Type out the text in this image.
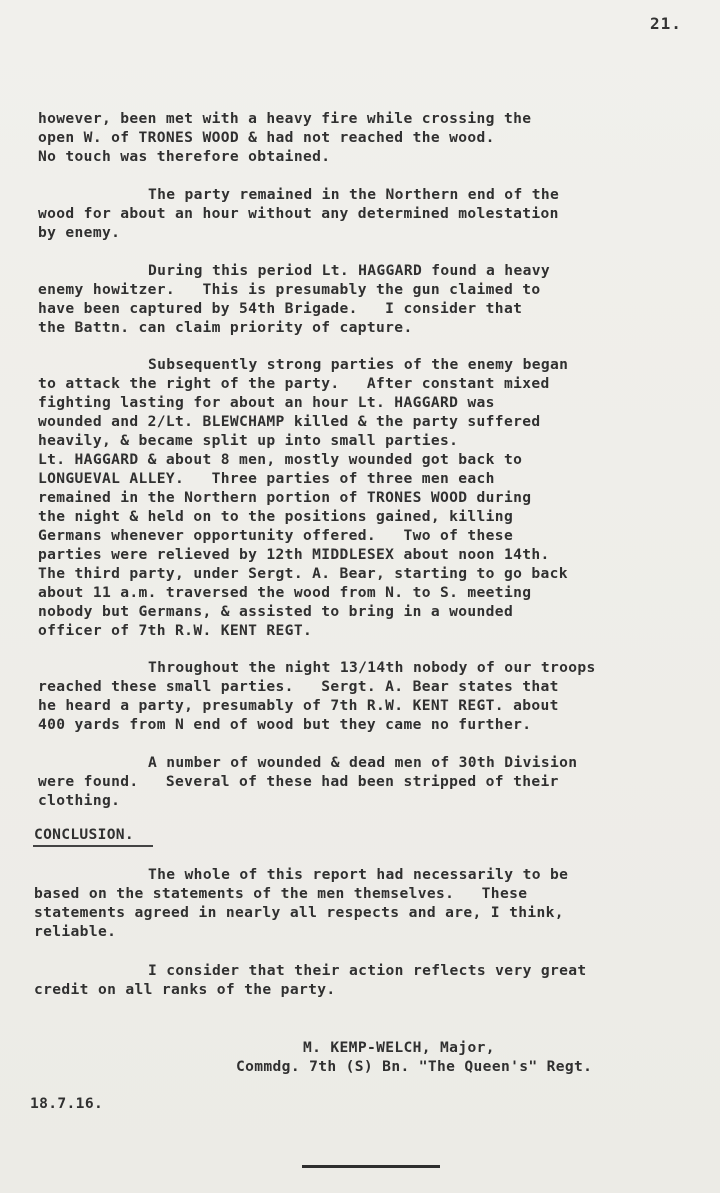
21.
however, been met with a heavy fire while crossing the
open W. of TRONES WOOD & had not reached the wood.
No touch was therefore obtained.
The party remained in the Northern end of the
wood for about an hour without any determined molestation
by enemy.
During this period Lt. HAGGARD found a heavy
enemy howitzer.   This is presumably the gun claimed to
have been captured by 54th Brigade.   I consider that
the Battn. can claim priority of capture.
Subsequently strong parties of the enemy began
to attack the right of the party.   After constant mixed
fighting lasting for about an hour Lt. HAGGARD was
wounded and 2/Lt. BLEWCHAMP killed & the party suffered
heavily, & became split up into small parties.
Lt. HAGGARD & about 8 men, mostly wounded got back to
LONGUEVAL ALLEY.   Three parties of three men each
remained in the Northern portion of TRONES WOOD during
the night & held on to the positions gained, killing
Germans whenever opportunity offered.   Two of these
parties were relieved by 12th MIDDLESEX about noon 14th.
The third party, under Sergt. A. Bear, starting to go back
about 11 a.m. traversed the wood from N. to S. meeting
nobody but Germans, & assisted to bring in a wounded
officer of 7th R.W. KENT REGT.
Throughout the night 13/14th nobody of our troops
reached these small parties.   Sergt. A. Bear states that
he heard a party, presumably of 7th R.W. KENT REGT. about
400 yards from N end of wood but they came no further.
A number of wounded & dead men of 30th Division
were found.   Several of these had been stripped of their
clothing.
CONCLUSION.
The whole of this report had necessarily to be
based on the statements of the men themselves.   These
statements agreed in nearly all respects and are, I think,
reliable.
I consider that their action reflects very great
credit on all ranks of the party.
M. KEMP-WELCH, Major,
Commdg. 7th (S) Bn. "The Queen's" Regt.
18.7.16.
